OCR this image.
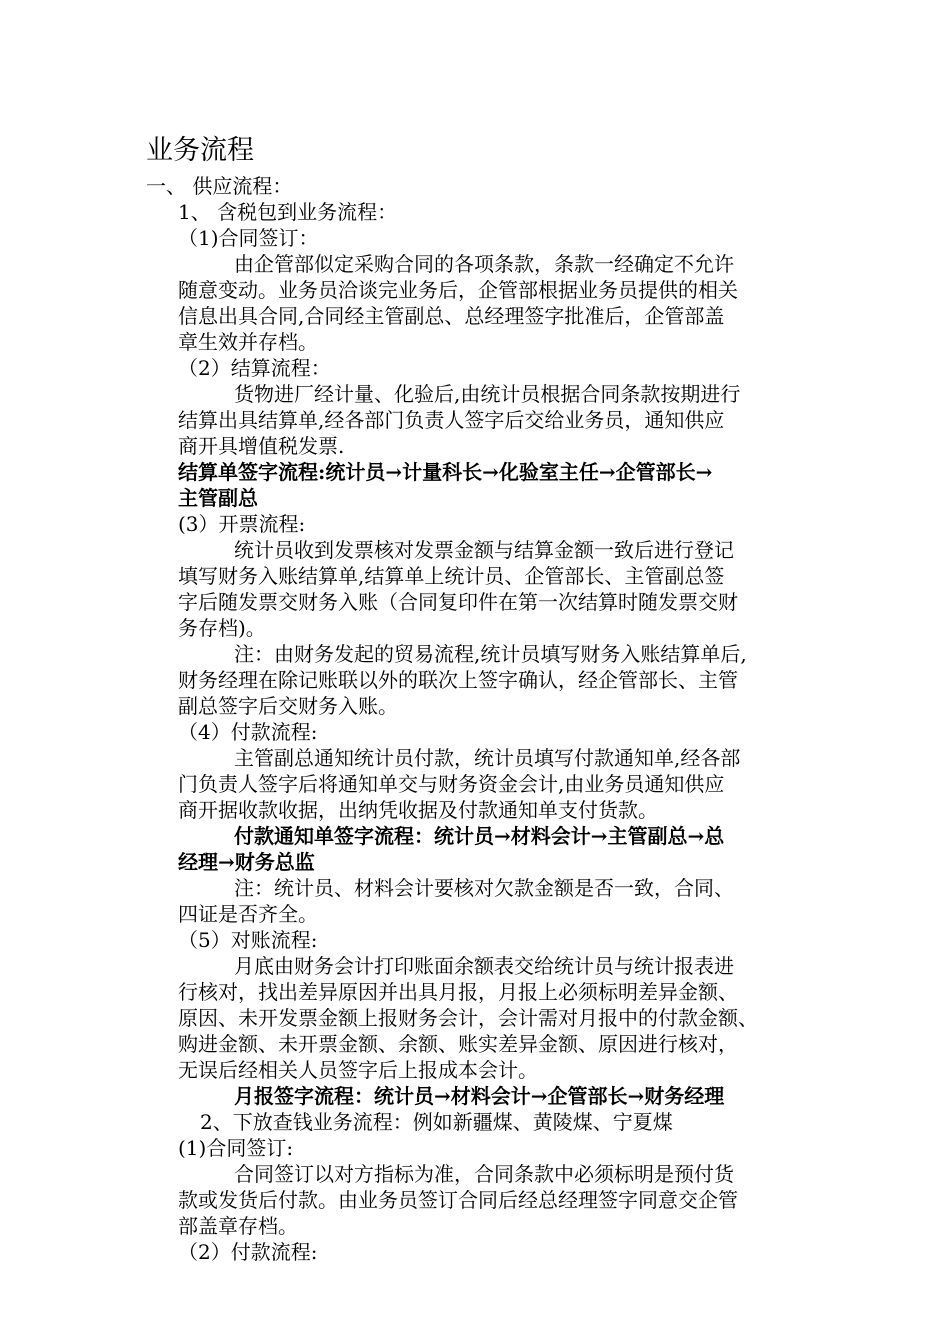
业务流程
一、 供应流程：
1、 含税包到业务流程：
（1)合同签订：
由企管部似定采购合同的各项条款，条款一经确定不允许
随意变动。业务员洽谈完业务后，企管部根据业务员提供的相关
信息出具合同,合同经主管副总、总经理签字批准后，企管部盖
章生效并存档。
（2）结算流程：
货物进厂经计量、化验后,由统计员根据合同条款按期进行
结算出具结算单,经各部门负责人签字后交给业务员，通知供应
商开具增值税发票.
结算单签字流程:统计员→计量科长→化验室主任→企管部长→
主管副总
(3）开票流程:
统计员收到发票核对发票金额与结算金额一致后进行登记
填写财务入账结算单,结算单上统计员、企管部长、主管副总签
字后随发票交财务入账（合同复印件在第一次结算时随发票交财
务存档)。
注：由财务发起的贸易流程,统计员填写财务入账结算单后,
财务经理在除记账联以外的联次上签字确认，经企管部长、主管
副总签字后交财务入账。
（4）付款流程:
主管副总通知统计员付款，统计员填写付款通知单,经各部
门负责人签字后将通知单交与财务资金会计,由业务员通知供应
商开据收款收据，出纳凭收据及付款通知单支付货款。
付款通知单签字流程：统计员→材料会计→主管副总→总
经理→财务总监
注：统计员、材料会计要核对欠款金额是否一致，合同、
四证是否齐全。
（5）对账流程:
月底由财务会计打印账面余额表交给统计员与统计报表进
行核对，找出差异原因并出具月报，月报上必须标明差异金额、
原因、未开发票金额上报财务会计，会计需对月报中的付款金额、
购进金额、未开票金额、余额、账实差异金额、原因进行核对，
无误后经相关人员签字后上报成本会计。
月报签字流程：统计员→材料会计→企管部长→财务经理
2、下放查钱业务流程：例如新疆煤、黄陵煤、宁夏煤
(1)合同签订:
合同签订以对方指标为准，合同条款中必须标明是预付货
款或发货后付款。由业务员签订合同后经总经理签字同意交企管
部盖章存档。
（2）付款流程:
